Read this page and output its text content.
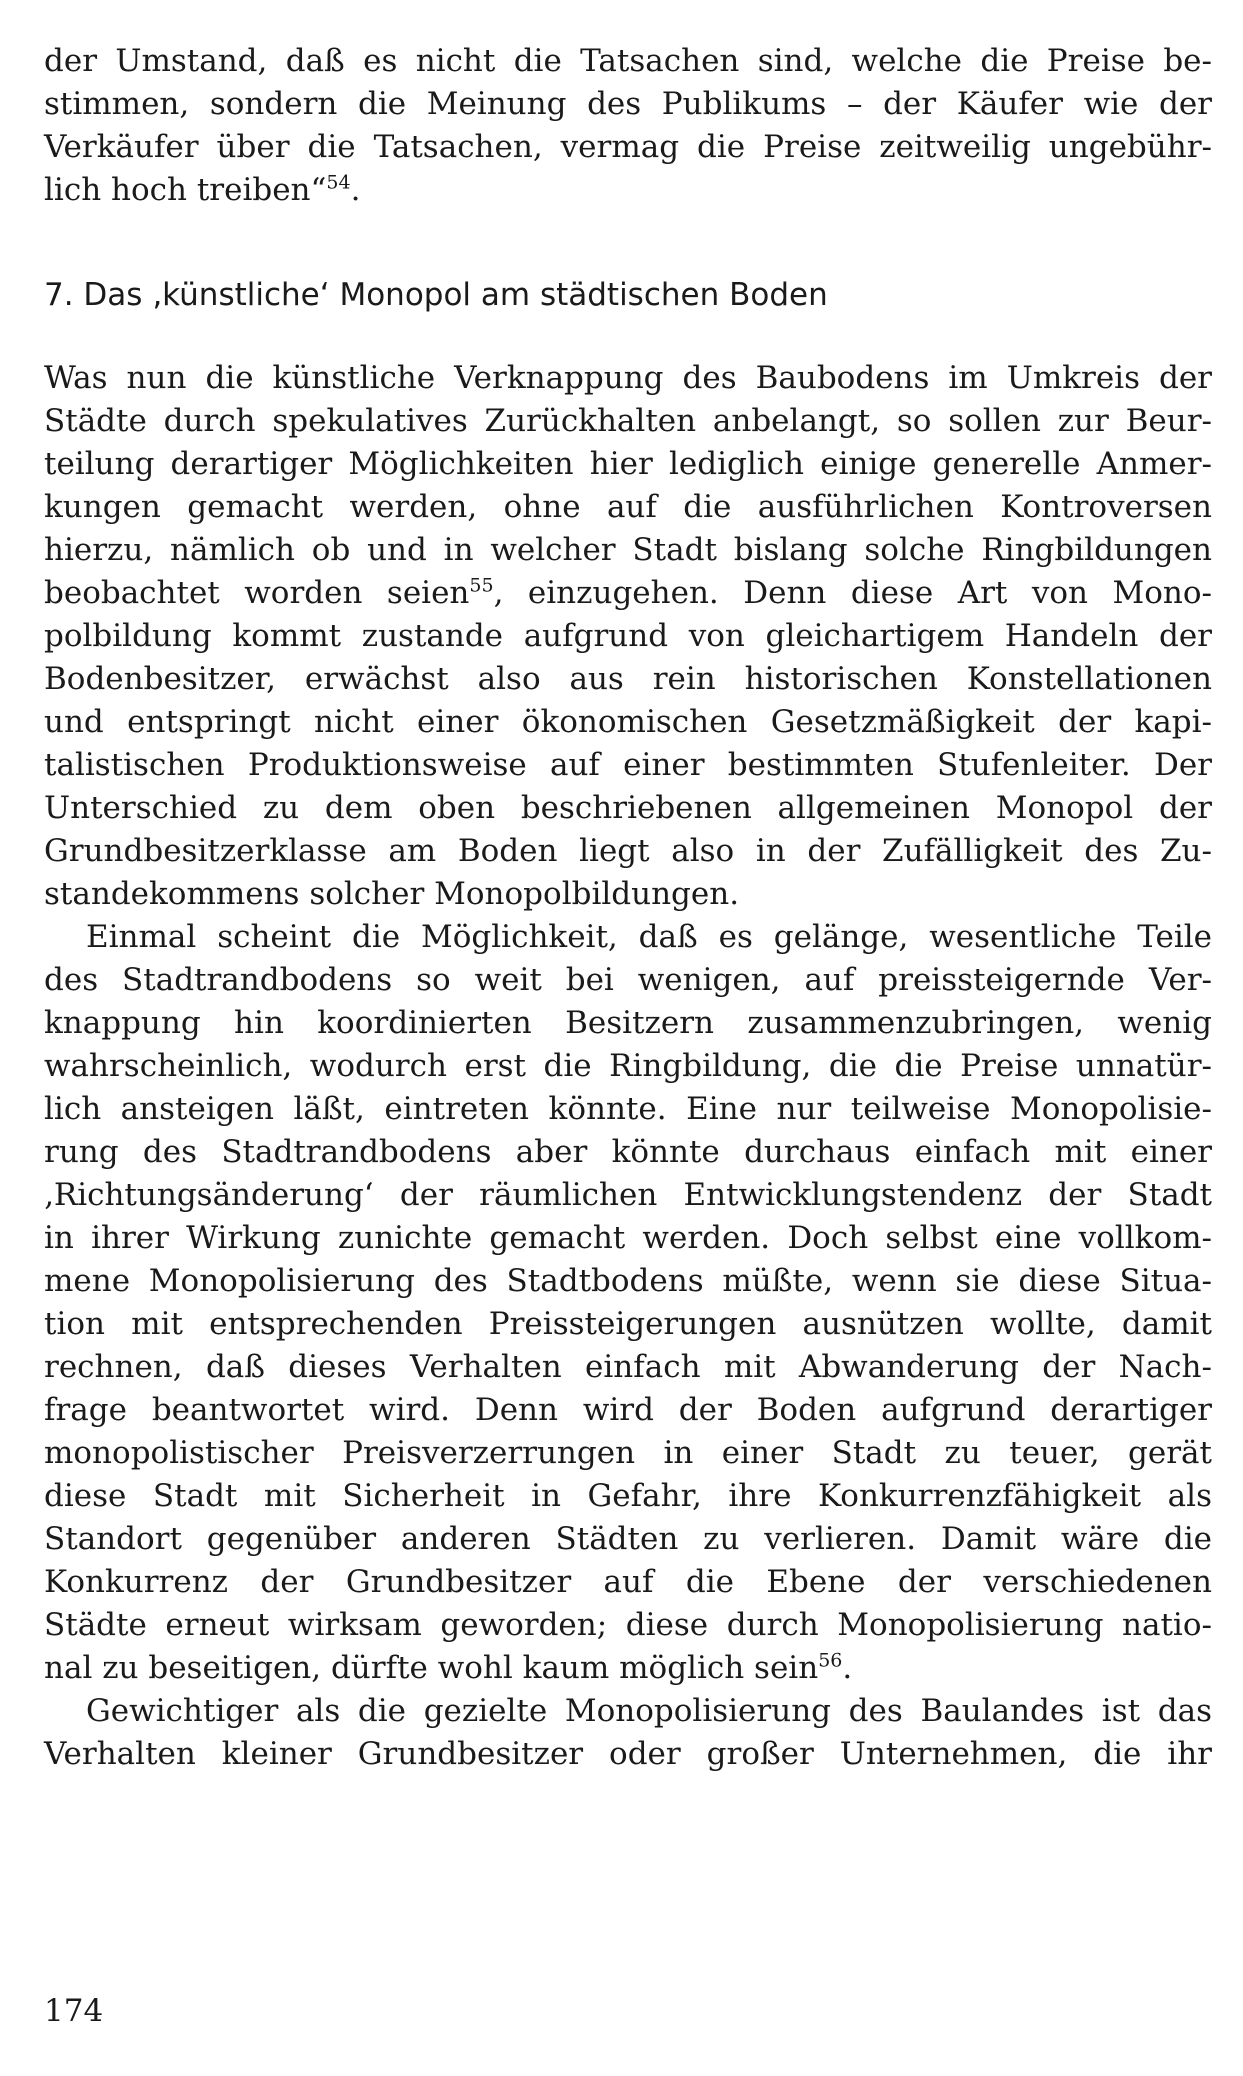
der Umstand, daß es nicht die Tatsachen sind, welche die Preise be-
stimmen, sondern die Meinung des Publikums – der Käufer wie der
Verkäufer über die Tatsachen, vermag die Preise zeitweilig ungebühr-
lich hoch treiben“$^{54}$.
7. Das ‚künstliche‘ Monopol am städtischen Boden
Was nun die künstliche Verknappung des Baubodens im Umkreis der
Städte durch spekulatives Zurückhalten anbelangt, so sollen zur Beur-
teilung derartiger Möglichkeiten hier lediglich einige generelle Anmer-
kungen gemacht werden, ohne auf die ausführlichen Kontroversen
hierzu, nämlich ob und in welcher Stadt bislang solche Ringbildungen
beobachtet worden seien$^{55}$, einzugehen. Denn diese Art von Mono-
polbildung kommt zustande aufgrund von gleichartigem Handeln der
Bodenbesitzer, erwächst also aus rein historischen Konstellationen
und entspringt nicht einer ökonomischen Gesetzmäßigkeit der kapi-
talistischen Produktionsweise auf einer bestimmten Stufenleiter. Der
Unterschied zu dem oben beschriebenen allgemeinen Monopol der
Grundbesitzerklasse am Boden liegt also in der Zufälligkeit des Zu-
standekommens solcher Monopolbildungen.
Einmal scheint die Möglichkeit, daß es gelänge, wesentliche Teile
des Stadtrandbodens so weit bei wenigen, auf preissteigernde Ver-
knappung hin koordinierten Besitzern zusammenzubringen, wenig
wahrscheinlich, wodurch erst die Ringbildung, die die Preise unnatür-
lich ansteigen läßt, eintreten könnte. Eine nur teilweise Monopolisie-
rung des Stadtrandbodens aber könnte durchaus einfach mit einer
‚Richtungsänderung‘ der räumlichen Entwicklungstendenz der Stadt
in ihrer Wirkung zunichte gemacht werden. Doch selbst eine vollkom-
mene Monopolisierung des Stadtbodens müßte, wenn sie diese Situa-
tion mit entsprechenden Preissteigerungen ausnützen wollte, damit
rechnen, daß dieses Verhalten einfach mit Abwanderung der Nach-
frage beantwortet wird. Denn wird der Boden aufgrund derartiger
monopolistischer Preisverzerrungen in einer Stadt zu teuer, gerät
diese Stadt mit Sicherheit in Gefahr, ihre Konkurrenzfähigkeit als
Standort gegenüber anderen Städten zu verlieren. Damit wäre die
Konkurrenz der Grundbesitzer auf die Ebene der verschiedenen
Städte erneut wirksam geworden; diese durch Monopolisierung natio-
nal zu beseitigen, dürfte wohl kaum möglich sein$^{56}$.
Gewichtiger als die gezielte Monopolisierung des Baulandes ist das
Verhalten kleiner Grundbesitzer oder großer Unternehmen, die ihr
174
